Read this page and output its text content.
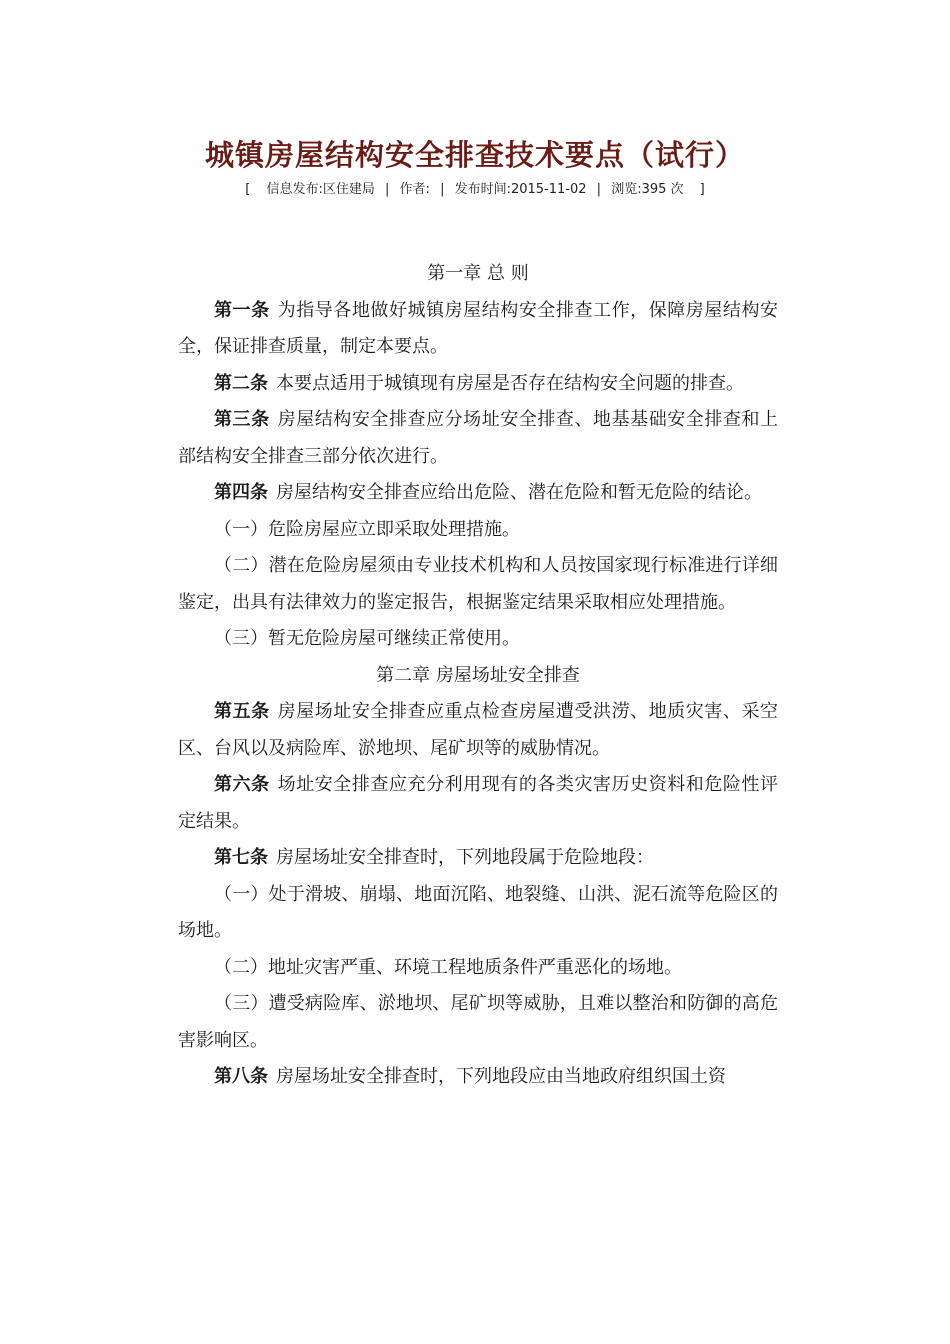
城镇房屋结构安全排查技术要点（试行）
[ 信息发布:区住建局 | 作者: | 发布时间:2015-11-02 | 浏览:395 次 ]

第一章 总 则

第一条 为指导各地做好城镇房屋结构安全排查工作，保障房屋结构安全，保证排查质量，制定本要点。

第二条 本要点适用于城镇现有房屋是否存在结构安全问题的排查。

第三条 房屋结构安全排查应分场址安全排查、地基基础安全排查和上部结构安全排查三部分依次进行。

第四条 房屋结构安全排查应给出危险、潜在危险和暂无危险的结论。

（一）危险房屋应立即采取处理措施。

（二）潜在危险房屋须由专业技术机构和人员按国家现行标准进行详细鉴定，出具有法律效力的鉴定报告，根据鉴定结果采取相应处理措施。

（三）暂无危险房屋可继续正常使用。

第二章 房屋场址安全排查

第五条 房屋场址安全排查应重点检查房屋遭受洪涝、地质灾害、采空区、台风以及病险库、淤地坝、尾矿坝等的威胁情况。

第六条 场址安全排查应充分利用现有的各类灾害历史资料和危险性评定结果。

第七条 房屋场址安全排查时，下列地段属于危险地段：

（一）处于滑坡、崩塌、地面沉陷、地裂缝、山洪、泥石流等危险区的场地。

（二）地址灾害严重、环境工程地质条件严重恶化的场地。

（三）遭受病险库、淤地坝、尾矿坝等威胁，且难以整治和防御的高危害影响区。

第八条 房屋场址安全排查时，下列地段应由当地政府组织国土资
